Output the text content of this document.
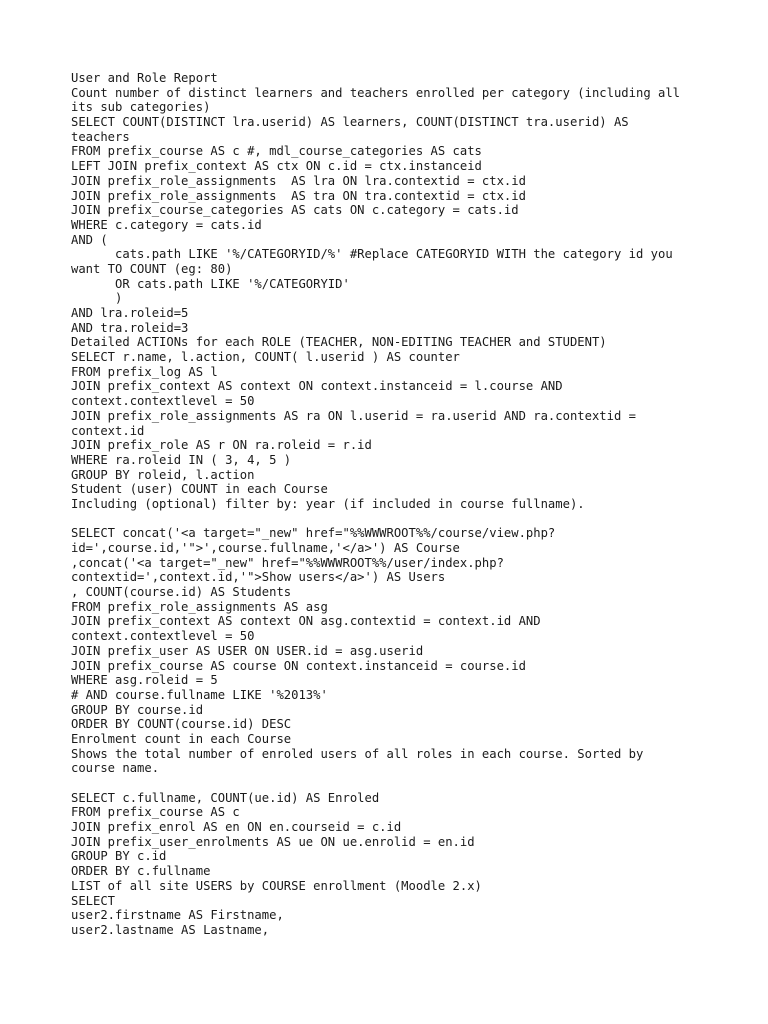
User and Role Report
Count number of distinct learners and teachers enrolled per category (including all
its sub categories)
SELECT COUNT(DISTINCT lra.userid) AS learners, COUNT(DISTINCT tra.userid) AS
teachers
FROM prefix_course AS c #, mdl_course_categories AS cats
LEFT JOIN prefix_context AS ctx ON c.id = ctx.instanceid
JOIN prefix_role_assignments  AS lra ON lra.contextid = ctx.id
JOIN prefix_role_assignments  AS tra ON tra.contextid = ctx.id
JOIN prefix_course_categories AS cats ON c.category = cats.id
WHERE c.category = cats.id
AND (
cats.path LIKE '%/CATEGORYID/%' #Replace CATEGORYID WITH the category id you
want TO COUNT (eg: 80)
OR cats.path LIKE '%/CATEGORYID'
)
AND lra.roleid=5
AND tra.roleid=3
Detailed ACTIONs for each ROLE (TEACHER, NON-EDITING TEACHER and STUDENT)
SELECT r.name, l.action, COUNT( l.userid ) AS counter
FROM prefix_log AS l
JOIN prefix_context AS context ON context.instanceid = l.course AND
context.contextlevel = 50
JOIN prefix_role_assignments AS ra ON l.userid = ra.userid AND ra.contextid =
context.id
JOIN prefix_role AS r ON ra.roleid = r.id
WHERE ra.roleid IN ( 3, 4, 5 )
GROUP BY roleid, l.action
Student (user) COUNT in each Course
Including (optional) filter by: year (if included in course fullname).
SELECT concat('<a target="_new" href="%%WWWROOT%%/course/view.php?
id=',course.id,'">',course.fullname,'</a>') AS Course
,concat('<a target="_new" href="%%WWWROOT%%/user/index.php?
contextid=',context.id,'">Show users</a>') AS Users
, COUNT(course.id) AS Students
FROM prefix_role_assignments AS asg
JOIN prefix_context AS context ON asg.contextid = context.id AND
context.contextlevel = 50
JOIN prefix_user AS USER ON USER.id = asg.userid
JOIN prefix_course AS course ON context.instanceid = course.id
WHERE asg.roleid = 5
# AND course.fullname LIKE '%2013%'
GROUP BY course.id
ORDER BY COUNT(course.id) DESC
Enrolment count in each Course
Shows the total number of enroled users of all roles in each course. Sorted by
course name.
SELECT c.fullname, COUNT(ue.id) AS Enroled
FROM prefix_course AS c
JOIN prefix_enrol AS en ON en.courseid = c.id
JOIN prefix_user_enrolments AS ue ON ue.enrolid = en.id
GROUP BY c.id
ORDER BY c.fullname
LIST of all site USERS by COURSE enrollment (Moodle 2.x)
SELECT
user2.firstname AS Firstname,
user2.lastname AS Lastname,
